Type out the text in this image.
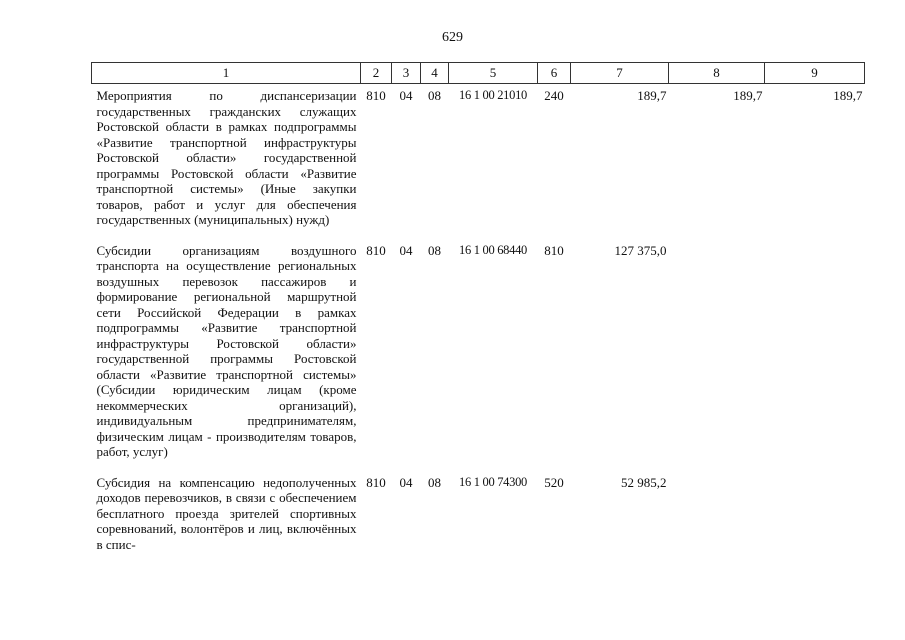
629
1	2	3	4	5	6	7	8	9
Мероприятия по диспансеризации государственных гражданских служащих Ростовской области в рамках подпрограммы «Развитие транспортной инфраструктуры Ростовской области» государственной программы Ростовской области «Развитие транспортной системы» (Иные закупки товаров, работ и услуг для обеспечения государственных (муниципальных) нужд)	810	04	08	16 1 00 21010	240	189,7	189,7	189,7
Субсидии организациям воздушного транспорта на осуществление региональных воздушных перевозок пассажиров и формирование региональной маршрутной сети Российской Федерации в рамках подпрограммы «Развитие транспортной инфраструктуры Ростовской области» государственной программы Ростовской области «Развитие транспортной системы» (Субсидии юридическим лицам (кроме некоммерческих организаций), индивидуальным предпринимателям, физическим лицам - производителям товаров, работ, услуг)	810	04	08	16 1 00 68440	810	127 375,0		
Субсидия на компенсацию недополученных доходов перевозчиков, в связи с обеспечением бесплатного проезда зрителей спортивных соревнований, волонтёров и лиц, включённых в спис-	810	04	08	16 1 00 74300	520	52 985,2		
